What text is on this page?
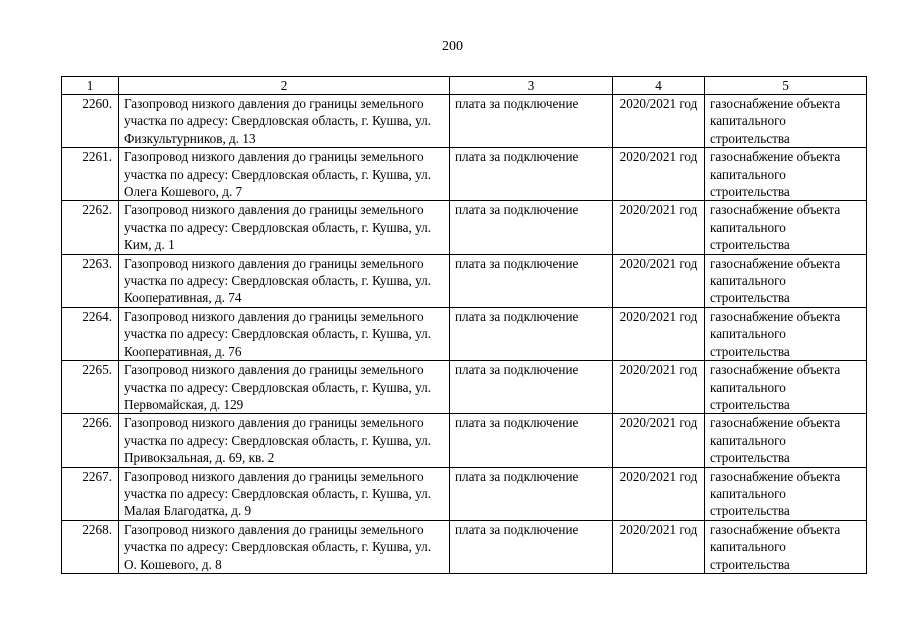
200
1	2	3	4	5
2260.	Газопровод низкого давления до границы земельного участка по адресу: Свердловская область, г. Кушва, ул. Физкультурников, д. 13	плата за подключение	2020/2021 год	газоснабжение объекта капитального строительства
2261.	Газопровод низкого давления до границы земельного участка по адресу: Свердловская область, г. Кушва, ул. Олега Кошевого, д. 7	плата за подключение	2020/2021 год	газоснабжение объекта капитального строительства
2262.	Газопровод низкого давления до границы земельного участка по адресу: Свердловская область, г. Кушва, ул. Ким, д. 1	плата за подключение	2020/2021 год	газоснабжение объекта капитального строительства
2263.	Газопровод низкого давления до границы земельного участка по адресу: Свердловская область, г. Кушва, ул. Кооперативная, д. 74	плата за подключение	2020/2021 год	газоснабжение объекта капитального строительства
2264.	Газопровод низкого давления до границы земельного участка по адресу: Свердловская область, г. Кушва, ул. Кооперативная, д. 76	плата за подключение	2020/2021 год	газоснабжение объекта капитального строительства
2265.	Газопровод низкого давления до границы земельного участка по адресу: Свердловская область, г. Кушва, ул. Первомайская, д. 129	плата за подключение	2020/2021 год	газоснабжение объекта капитального строительства
2266.	Газопровод низкого давления до границы земельного участка по адресу: Свердловская область, г. Кушва, ул. Привокзальная, д. 69, кв. 2	плата за подключение	2020/2021 год	газоснабжение объекта капитального строительства
2267.	Газопровод низкого давления до границы земельного участка по адресу: Свердловская область, г. Кушва, ул. Малая Благодатка, д. 9	плата за подключение	2020/2021 год	газоснабжение объекта капитального строительства
2268.	Газопровод низкого давления до границы земельного участка по адресу: Свердловская область, г. Кушва, ул. О. Кошевого, д. 8	плата за подключение	2020/2021 год	газоснабжение объекта капитального строительства
